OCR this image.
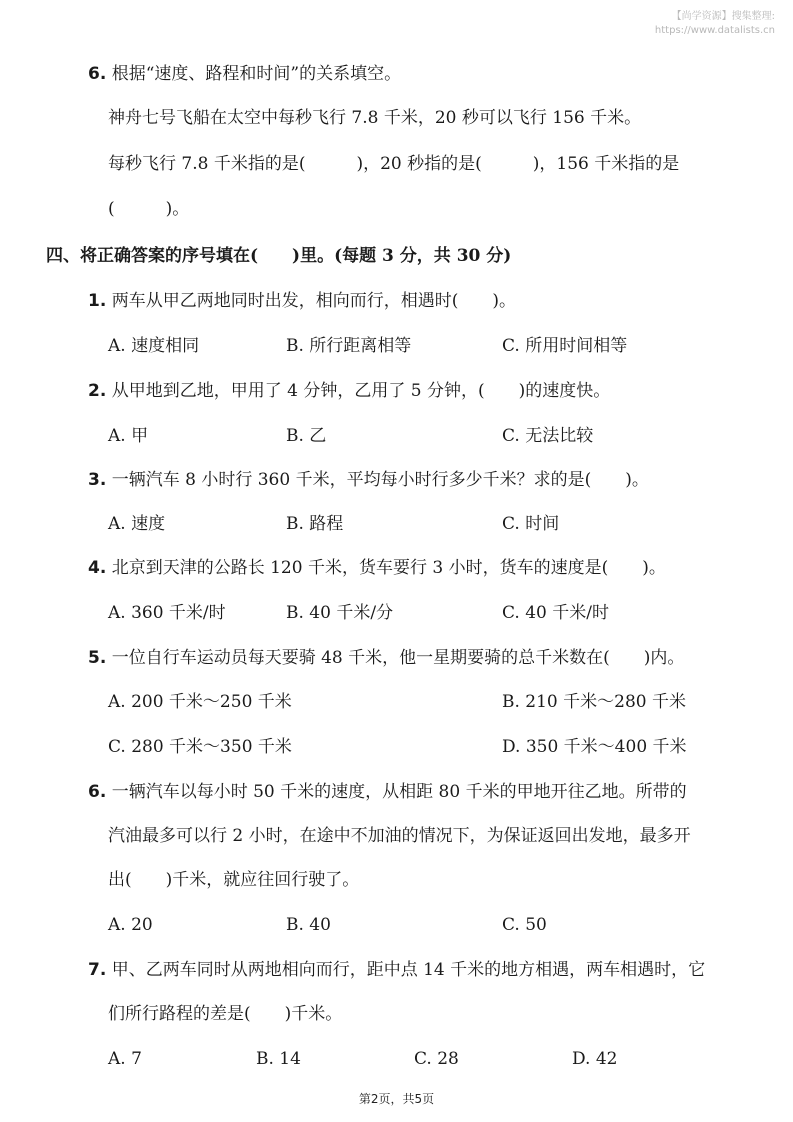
【尚学资源】搜集整理:
https://www.datalists.cn
6. 根据“速度、路程和时间”的关系填空。
神舟七号飞船在太空中每秒飞行 7.8 千米，20 秒可以飞行 156 千米。
每秒飞行 7.8 千米指的是(　　　)，20 秒指的是(　　　)，156 千米指的是
(　　　)。
四、将正确答案的序号填在(　　)里。(每题 3 分，共 30 分)
1. 两车从甲乙两地同时出发，相向而行，相遇时(　　)。
A. 速度相同	B. 所行距离相等	C. 所用时间相等
2. 从甲地到乙地，甲用了 4 分钟，乙用了 5 分钟，(　　)的速度快。
A. 甲	B. 乙	C. 无法比较
3. 一辆汽车 8 小时行 360 千米，平均每小时行多少千米？求的是(　　)。
A. 速度	B. 路程	C. 时间
4. 北京到天津的公路长 120 千米，货车要行 3 小时，货车的速度是(　　)。
A. 360 千米/时	B. 40 千米/分	C. 40 千米/时
5. 一位自行车运动员每天要骑 48 千米，他一星期要骑的总千米数在(　　)内。
A. 200 千米～250 千米	B. 210 千米～280 千米
C. 280 千米～350 千米	D. 350 千米～400 千米
6. 一辆汽车以每小时 50 千米的速度，从相距 80 千米的甲地开往乙地。所带的
汽油最多可以行 2 小时，在途中不加油的情况下，为保证返回出发地，最多开
出(　　)千米，就应往回行驶了。
A. 20	B. 40	C. 50
7. 甲、乙两车同时从两地相向而行，距中点 14 千米的地方相遇，两车相遇时，它
们所行路程的差是(　　)千米。
A. 7	B. 14	C. 28	D. 42
第2页，共5页
